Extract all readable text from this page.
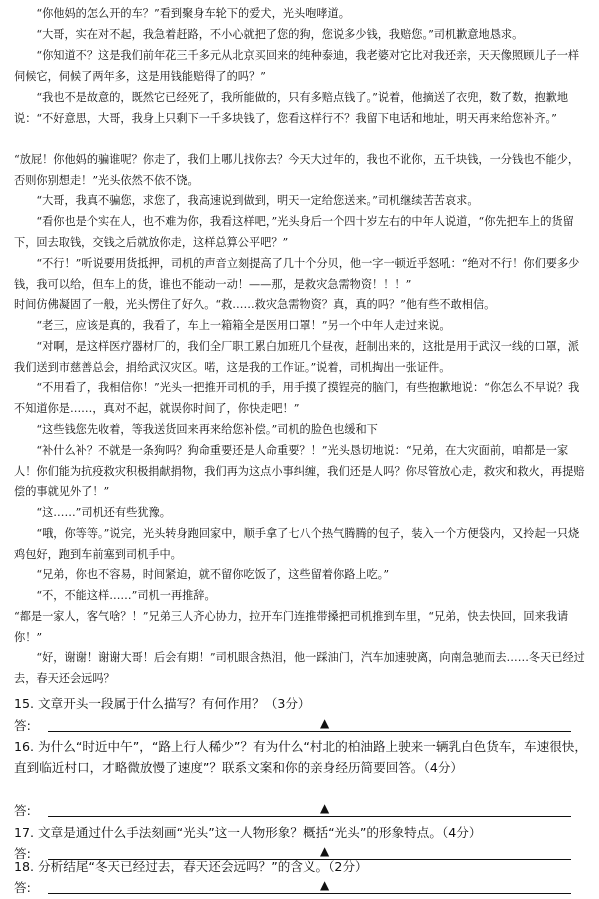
“你他妈的怎么开的车？”看到聚身车轮下的爱犬，光头咆哮道。

“大哥，实在对不起，我急着赶路，不小心就把了您的狗，您说多少钱，我赔您。”司机歉意地恳求。

“你知道不？这是我们前年花三千多元从北京买回来的纯种泰迪，我老婆对它比对我还亲，天天像照顾儿子一样伺候它，伺候了两年多，这是用钱能赔得了的吗？”

“我也不是故意的，既然它已经死了，我所能做的，只有多赔点钱了。”说着，他摘送了衣兜，数了数，抱歉地说：“不好意思，大哥，我身上只剩下一千多块钱了，您看这样行不？我留下电话和地址，明天再来给您补齐。”

“放屁！你他妈的骗谁呢？你走了，我们上哪儿找你去？今天大过年的，我也不讹你，五千块钱，一分钱也不能少，否则你别想走！”光头依然不依不饶。

“大哥，我真不骗您，求您了，我高速说到做到，明天一定给您送来。”司机继续苦苦哀求。

“看你也是个实在人，也不难为你，我看这样吧，”光头身后一个四十岁左右的中年人说道，“你先把车上的货留下，回去取钱，交钱之后就放你走，这样总算公平吧？”

“不行！”听说要用货抵押，司机的声音立刻提高了几十个分贝，他一字一顿近乎怒吼：“绝对不行！你们要多少钱，我可以给，但车上的货，谁也不能动一动！——那，是救灾急需物资！！！”

时间仿佛凝固了一般，光头愣住了好久。“救……救灾急需物资？真，真的吗？”他有些不敢相信。

“老三，应该是真的，我看了，车上一箱箱全是医用口罩！”另一个中年人走过来说。

“对啊，是这样医疗器材厂的，我们全厂职工累白加班几个昼夜，赶制出来的，这批是用于武汉一线的口罩，派我们送到市慈善总会，捐给武汉灾区。喏，这是我的工作证。”说着，司机掏出一张证件。

“不用看了，我相信你！”光头一把推开司机的手，用手摸了摸锃亮的脑门，有些抱歉地说：“你怎么不早说？我不知道你是……，真对不起，就误你时间了，你快走吧！”

“这些钱您先收着，等我送货回来再来给您补偿。”司机的脸色也缓和下

“补什么补？不就是一条狗吗？狗命重要还是人命重要？！”光头恳切地说：“兄弟，在大灾面前，咱都是一家人！你们能为抗疫救灾积极捐献捐物，我们再为这点小事纠缠，我们还是人吗？你尽管放心走，救灾和救火，再提赔偿的事就见外了！”

“这……”司机还有些犹豫。

“哦，你等等。”说完，光头转身跑回家中，顺手拿了七八个热气腾腾的包子，装入一个方便袋内，又拎起一只烧鸡包好，跑到车前塞到司机手中。

“兄弟，你也不容易，时间紧迫，就不留你吃饭了，这些留着你路上吃。”

“不，不能这样……”司机一再推辞。

“都是一家人，客气啥？！”兄弟三人齐心协力，拉开车门连推带搡把司机推到车里，“兄弟，快去快回，回来我请你！”

“好，谢谢！谢谢大哥！后会有期！”司机眼含热泪，他一踩油门，汽车加速驶离，向南急驰而去……冬天已经过去，春天还会远吗？

15. 文章开头一段属于什么描写？有何作用？（3分）

答:	▲

16. 为什么“时近中午”，“路上行人稀少”？有为什么“村北的柏油路上驶来一辆乳白色货车，车速很快，直到临近村口，才略微放慢了速度”？联系文案和你的亲身经历简要回答。（4分）

答:	▲

17. 文章是通过什么手法刻画“光头”这一人物形象？概括“光头”的形象特点。（4分）

答:	▲

18. 分析结尾“冬天已经过去，春天还会远吗？”的含义。（2分）

答:	▲
